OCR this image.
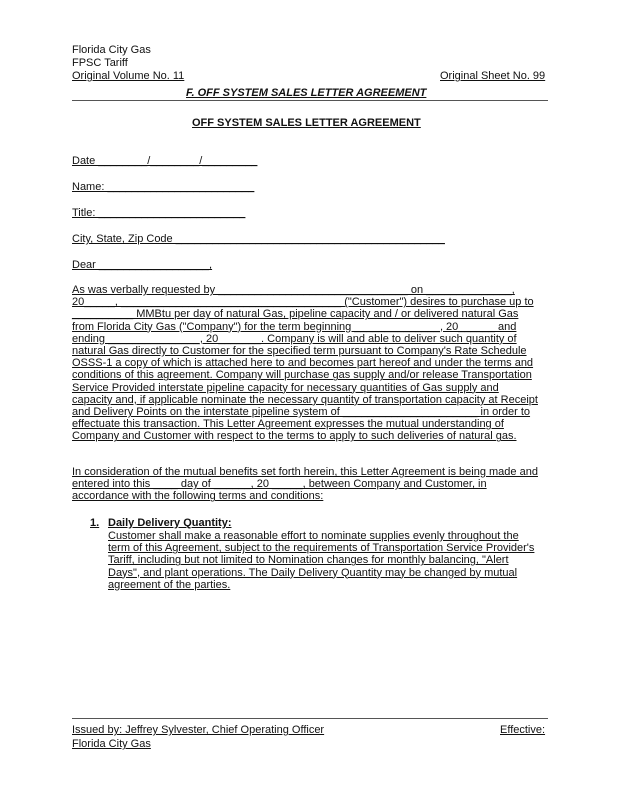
Florida City Gas
FPSC Tariff
Original Volume No. 11	Original Sheet No. 99
F. OFF SYSTEM SALES LETTER AGREEMENT
OFF SYSTEM SALES LETTER AGREEMENT
Date ________/________/_________
Name: ________________________
Title: ________________________
City, State, Zip Code ____________________________________________
Dear __________________,
As was verbally requested by _______________________________ on ______________,
20_____, ____________________________________ ("Customer") desires to purchase up to
__________ MMBtu per day of natural Gas, pipeline capacity and / or delivered natural Gas
from Florida City Gas ("Company") for the term beginning ______________, 20______ and
ending _______________, 20_______. Company is will and able to deliver such quantity of
natural Gas directly to Customer for the specified term pursuant to Company's Rate Schedule
OSSS-1 a copy of which is attached here to and becomes part hereof and under the terms and
conditions of this agreement. Company will purchase gas supply and/or release Transportation
Service Provided interstate pipeline capacity for necessary quantities of Gas supply and
capacity and, if applicable nominate the necessary quantity of transportation capacity at Receipt
and Delivery Points on the interstate pipeline system of ______________________ in order to
effectuate this transaction. This Letter Agreement expresses the mutual understanding of
Company and Customer with respect to the terms to apply to such deliveries of natural gas.
In consideration of the mutual benefits set forth herein, this Letter Agreement is being made and
entered into this ____ day of ______, 20 _____, between Company and Customer, in
accordance with the following terms and conditions:
1. Daily Delivery Quantity:
Customer shall make a reasonable effort to nominate supplies evenly throughout the
term of this Agreement, subject to the requirements of Transportation Service Provider's
Tariff, including but not limited to Nomination changes for monthly balancing, "Alert
Days", and plant operations. The Daily Delivery Quantity may be changed by mutual
agreement of the parties.
Issued by: Jeffrey Sylvester, Chief Operating Officer	Effective:
Florida City Gas
